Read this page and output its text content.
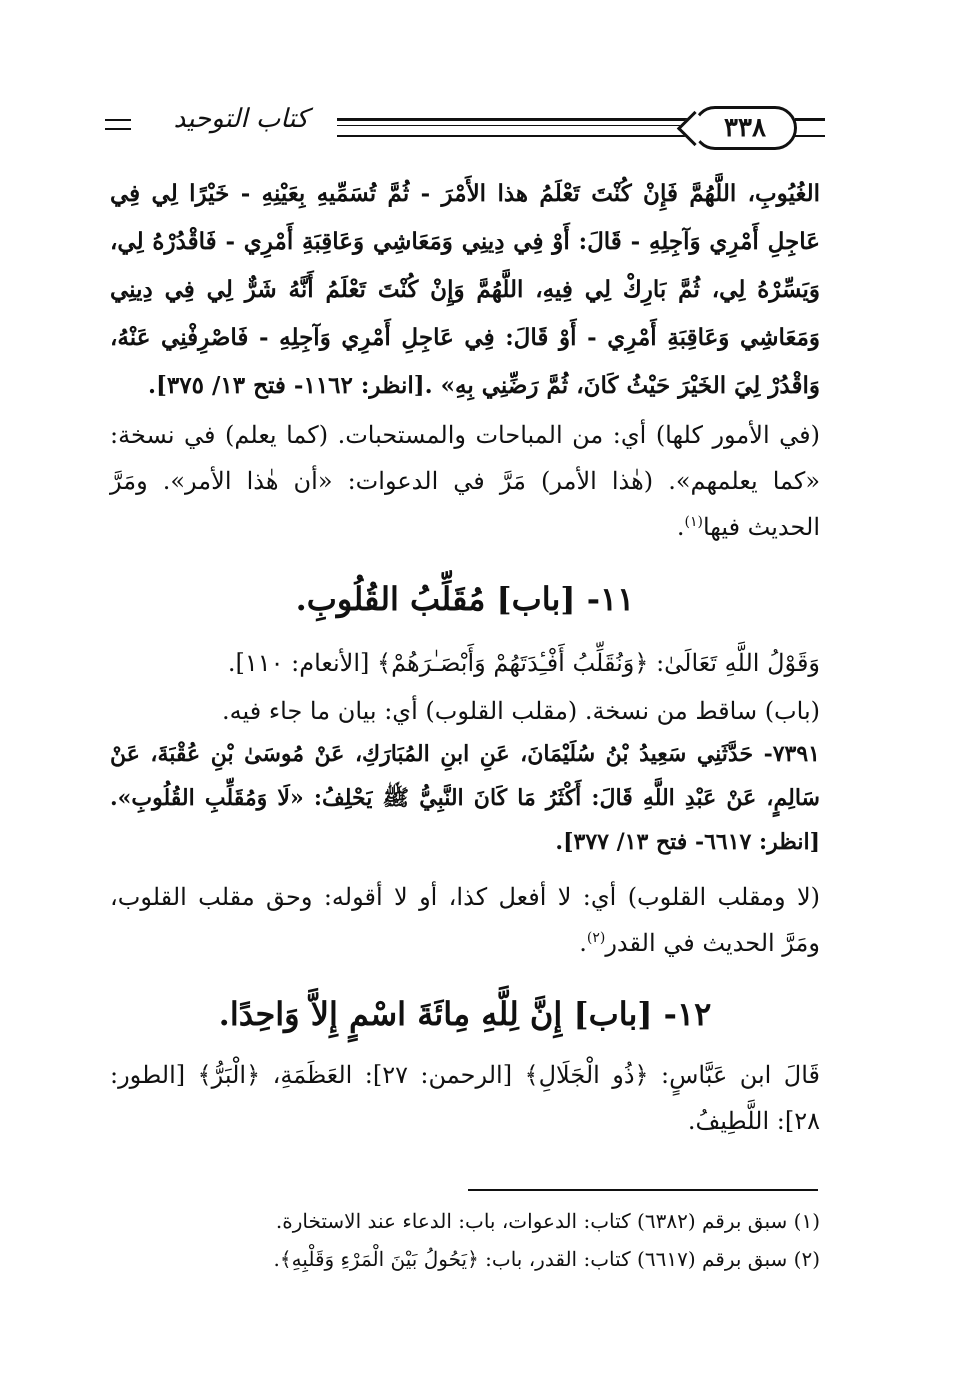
كتاب التوحيد	٣٣٨
الغُيُوبِ، اللَّهُمَّ فَإِنْ كُنْتَ تَعْلَمُ هذا الأَمْرَ - ثُمَّ تُسَمِّيهِ بِعَيْنِهِ - خَيْرًا لِي فِي عَاجِلِ أَمْرِي وَآجِلِهِ - قَالَ: أَوْ فِي دِينِي وَمَعَاشِي وَعَاقِبَةِ أَمْرِي - فَاقْدُرْهُ لِي، وَيَسِّرْهُ لِي، ثُمَّ بَارِكْ لِي فِيهِ، اللَّهُمَّ وَإِنْ كُنْتَ تَعْلَمُ أَنَّهُ شَرٌّ لِي فِي دِينِي وَمَعَاشِي وَعَاقِبَةِ أَمْرِي - أَوْ قَالَ: فِي عَاجِلِ أَمْرِي وَآجِلِهِ - فَاصْرِفْنِي عَنْهُ، وَاقْدُرْ لِيَ الخَيْرَ حَيْثُ كَانَ، ثُمَّ رَضِّنِي بِهِ» .[انظر: ١١٦٢- فتح ١٣/ ٣٧٥].
(في الأمور كلها) أي: من المباحات والمستحبات. (كما يعلم) في نسخة: «كما يعلمهم». (هٰذا الأمر) مَرَّ في الدعوات: «أن هٰذا الأمر». ومَرَّ الحديث فيها$^{(١)}$.
١١- [باب] مُقَلِّبُ القُلُوبِ.
وَقَوْلُ اللَّهِ تَعَالَىٰ: ﴿وَنُقَلِّبُ أَفْـِٔدَتَهُمْ وَأَبْصَـٰرَهُمْ﴾ [الأنعام: ١١٠].
(باب) ساقط من نسخة. (مقلب القلوب) أي: بيان ما جاء فيه.
٧٣٩١- حَدَّثَنِي سَعِيدُ بْنُ سُلَيْمَانَ، عَنِ ابنِ المُبَارَكِ، عَنْ مُوسَىٰ بْنِ عُقْبَةَ، عَنْ سَالِمٍ، عَنْ عَبْدِ اللَّهِ قَالَ: أَكْثَرُ مَا كَانَ النَّبِيُّ ﷺ يَحْلِفُ: «لَا وَمُقَلِّبِ القُلُوبِ». [انظر: ٦٦١٧- فتح ١٣/ ٣٧٧].
(لا ومقلب القلوب) أي: لا أفعل كذا، أو لا أقوله: وحق مقلب القلوب، ومَرَّ الحديث في القدر$^{(٢)}$.
١٢- [باب] إِنَّ لِلَّهِ مِائَةَ اسْمٍ إِلاَّ وَاحِدًا.
قَالَ ابن عَبَّاسٍ: ﴿ذُو الْجَلَالِ﴾ [الرحمن: ٢٧]: العَظَمَةِ، ﴿الْبَرُّ﴾ [الطور: ٢٨]: اللَّطِيفُ.
(١) سبق برقم (٦٣٨٢) كتاب: الدعوات، باب: الدعاء عند الاستخارة.
(٢) سبق برقم (٦٦١٧) كتاب: القدر، باب: ﴿يَحُولُ بَيْنَ الْمَرْءِ وَقَلْبِهِ﴾.
